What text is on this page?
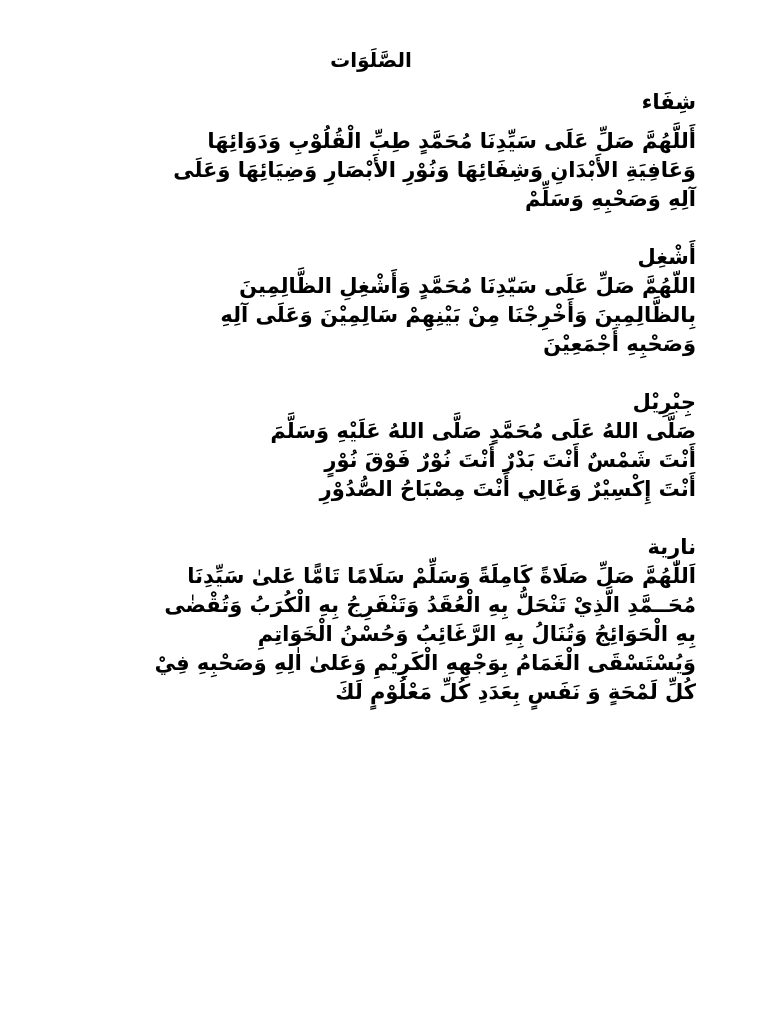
الصَّلَوَات

شِفَاء

أَللَّهُمَّ صَلِّ عَلَى سَيِّدِنَا مُحَمَّدٍ طِبِّ الْقُلُوْبِ وَدَوَائِهَا

وَعَافِيَةِ الأَبْدَانِ وَشِفَائِهَا وَنُوْرِ الأَبْصَارِ وَضِيَائِهَا وَعَلَى

آلِهِ وَصَحْبِهِ وَسَلِّمْ

أَشْغِل

اللّهُمَّ صَلِّ عَلَى سَيّدِنَا مُحَمَّدٍ وَأَشْغِلِ الظَّالِمِينَ

بِالظَّالِمِينَ وَأَخْرِجْنَا مِنْ بَيْنِهِمْ سَالِمِيْنَ وَعَلَى آلِهِ

وَصَحْبِهِ أَجْمَعِيْنَ

جِبْرِيْل

صَلَّى اللهُ عَلَى مُحَمَّدٍ صَلَّى اللهُ عَلَيْهِ وَسَلَّمَ

أَنْتَ شَمْسٌ أَنْتَ بَدْرٌ أَنْتَ نُوْرٌ فَوْقَ نُوْرٍ

أَنْتَ إِكْسِيْرٌ وَغَالِي أَنْتَ مِصْبَاحُ الصُّدُوْرِ

نارية

اَللّٰهُمَّ صَلِّ صَلَاةً كَامِلَةً وَسَلِّمْ سَلَامًا تَامًّا عَلىٰ سَيِّدِنَا

مُحَــمَّدِ الَّذِيْ تَنْحَلُّ بِهِ الْعُقَدُ وَتَنْفَرِجُ بِهِ الْكُرَبُ وَتُقْضٰى

بِهِ الْحَوَائِجُ وَتُنَالُ بِهِ الرَّغَائِبُ وَحُسْنُ الْخَوَاتِمِ

وَيُسْتَسْقَى الْغَمَامُ بِوَجْهِهِ الْكَرِيْمِ وَعَلىٰ اٰلِهِ وَصَحْبِهِ فِيْ

كُلِّ لَمْحَةٍ وَ نَفَسٍ بِعَدَدِ كُلِّ مَعْلُوْمٍ لَكَ
